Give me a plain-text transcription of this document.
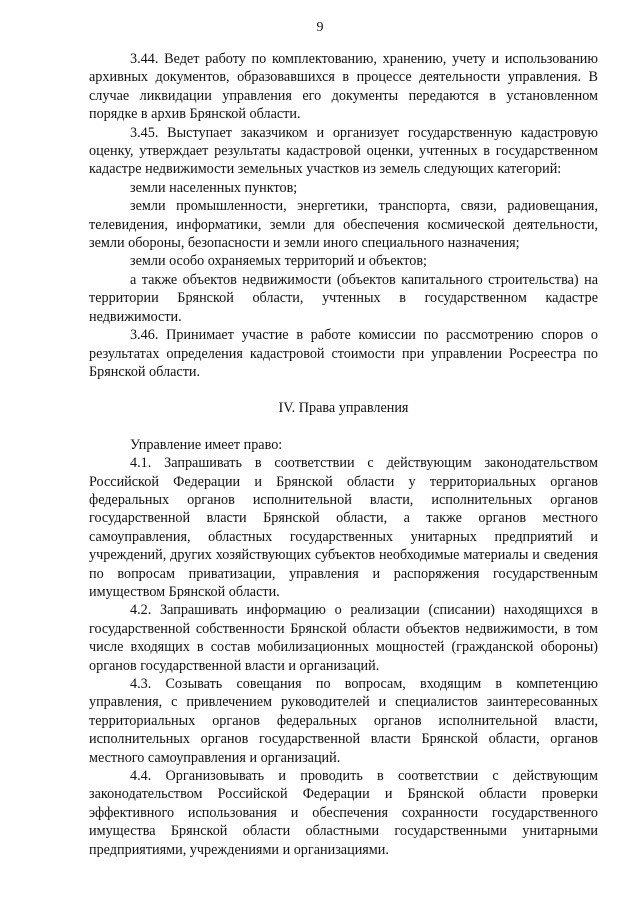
9

3.44. Ведет работу по комплектованию, хранению, учету и использованию архивных документов, образовавшихся в процессе деятельности управления. В случае ликвидации управления его документы передаются в установленном порядке в архив Брянской области.

3.45. Выступает заказчиком и организует государственную кадастровую оценку, утверждает результаты кадастровой оценки, учтенных в государственном кадастре недвижимости земельных участков из земель следующих категорий:

земли населенных пунктов;

земли промышленности, энергетики, транспорта, связи, радиовещания, телевидения, информатики, земли для обеспечения космической деятельности, земли обороны, безопасности и земли иного специального назначения;

земли особо охраняемых территорий и объектов;

а также объектов недвижимости (объектов капитального строительства) на территории Брянской области, учтенных в государственном кадастре недвижимости.

3.46. Принимает участие в работе комиссии по рассмотрению споров о результатах определения кадастровой стоимости при управлении Росреестра по Брянской области.

IV. Права управления

Управление имеет право:

4.1. Запрашивать в соответствии с действующим законодательством Российской Федерации и Брянской области у территориальных органов федеральных органов исполнительной власти, исполнительных органов государственной власти Брянской области, а также органов местного самоуправления, областных государственных унитарных предприятий и учреждений, других хозяйствующих субъектов необходимые материалы и сведения по вопросам приватизации, управления и распоряжения государственным имуществом Брянской области.

4.2. Запрашивать информацию о реализации (списании) находящихся в государственной собственности Брянской области объектов недвижимости, в том числе входящих в состав мобилизационных мощностей (гражданской обороны) органов государственной власти и организаций.

4.3. Созывать совещания по вопросам, входящим в компетенцию управления, с привлечением руководителей и специалистов заинтересованных территориальных органов федеральных органов исполнительной власти, исполнительных органов государственной власти Брянской области, органов местного самоуправления и организаций.

4.4. Организовывать и проводить в соответствии с действующим законодательством Российской Федерации и Брянской области проверки эффективного использования и обеспечения сохранности государственного имущества Брянской области областными государственными унитарными предприятиями, учреждениями и организациями.
